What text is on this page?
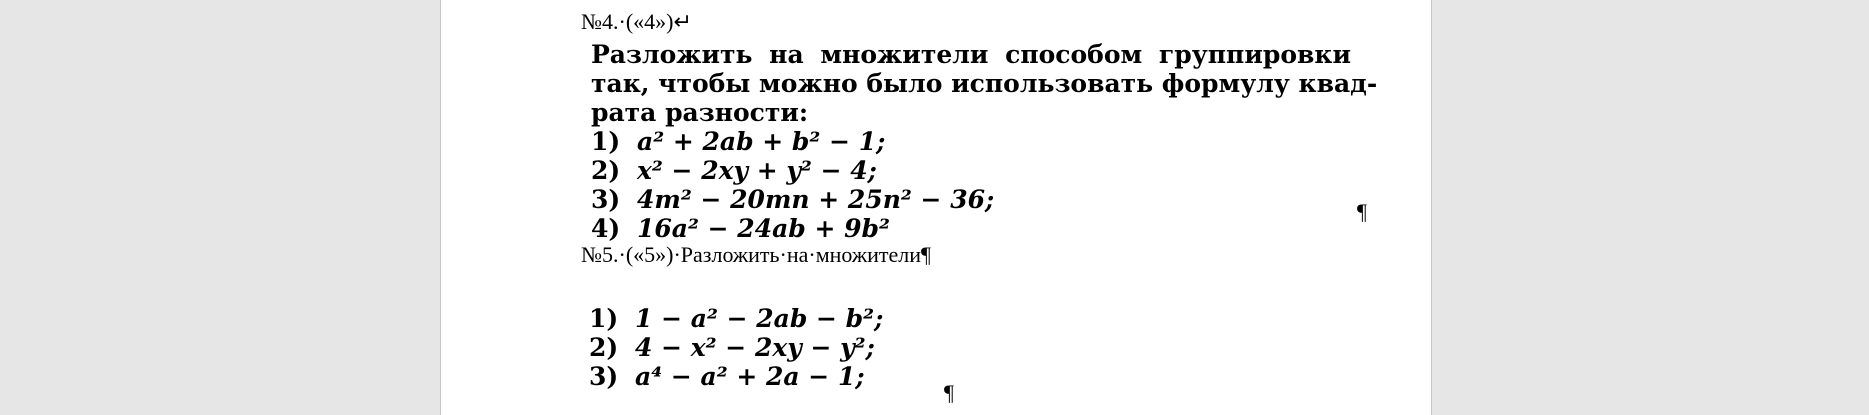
№4.·(«4»)↵
Разложить на множители способом группировки
так, чтобы можно было использовать формулу квад-
рата разности:
1) a² + 2ab + b² − 1;
2) x² − 2xy + y² − 4;
3) 4m² − 20mn + 25n² − 36;
4) 16a² − 24ab + 9b²
¶
№5.·(«5»)·Разложить·на·множители¶
1) 1 − a² − 2ab − b²;
2) 4 − x² − 2xy − y²;
3) a⁴ − a² + 2a − 1;
¶
